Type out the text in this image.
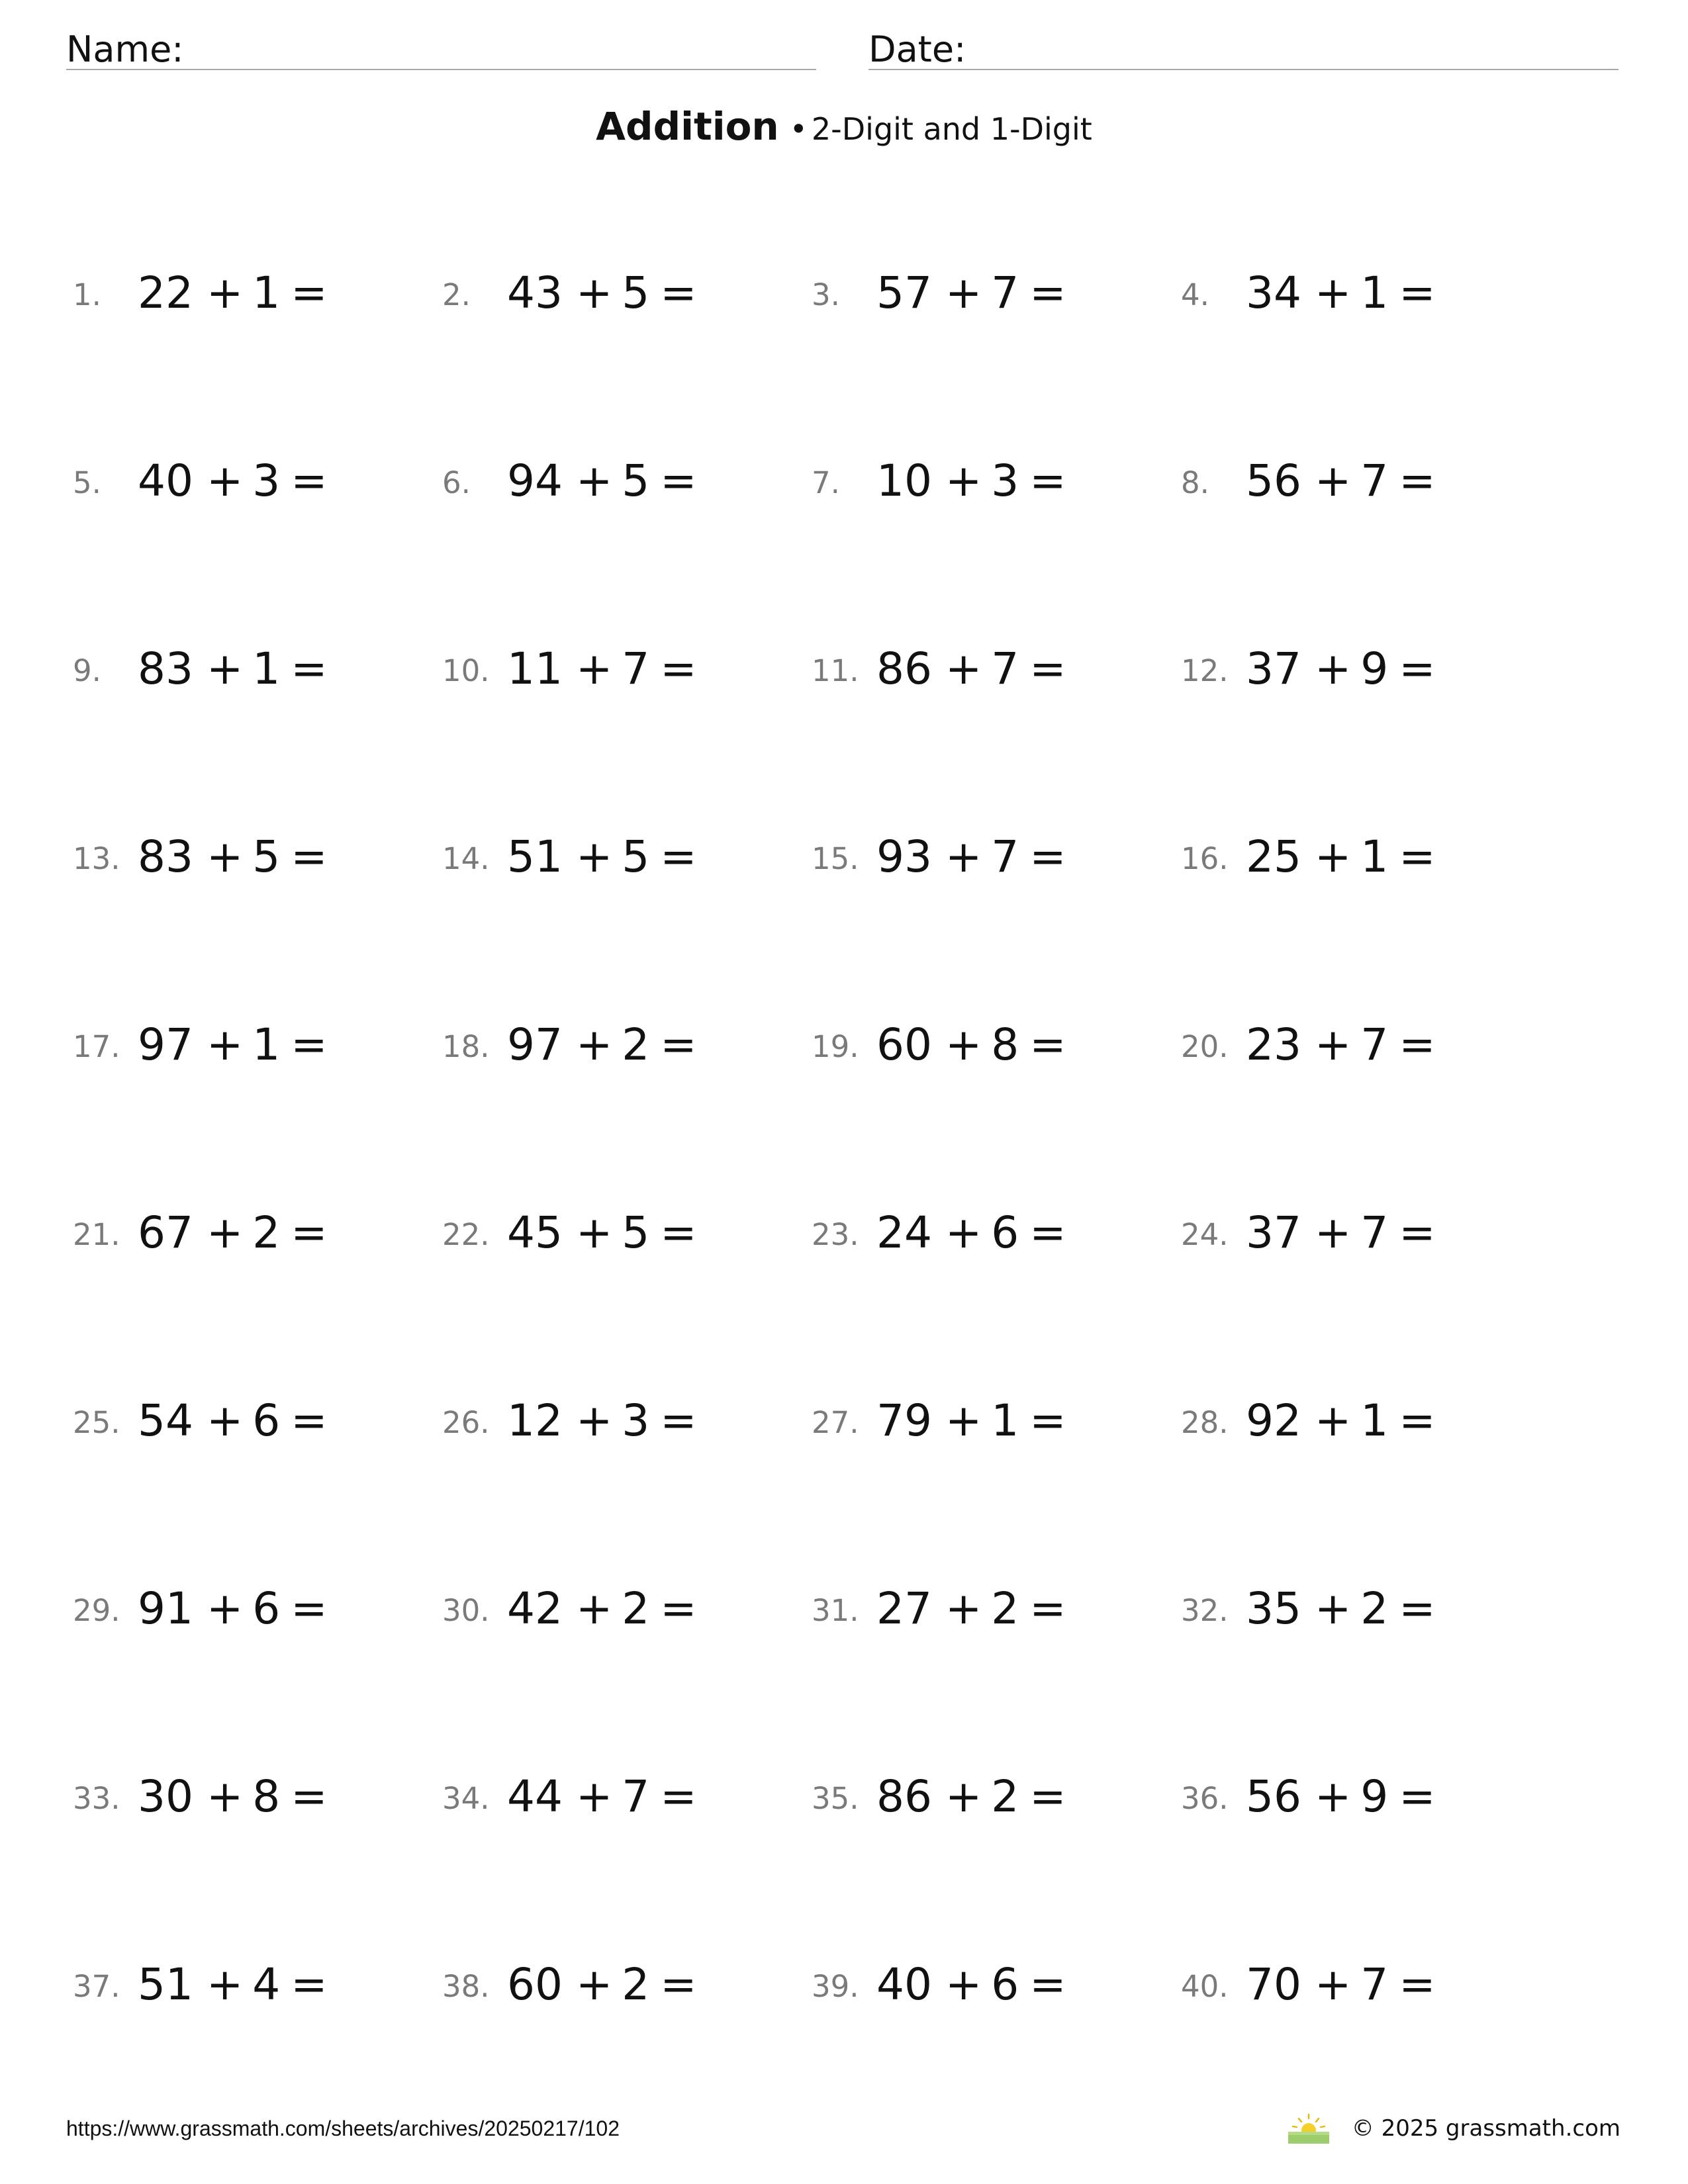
Name:	Date:
Addition • 2-Digit and 1-Digit
1. 22 + 1 =	2. 43 + 5 =	3. 57 + 7 =	4. 34 + 1 =
5. 40 + 3 =	6. 94 + 5 =	7. 10 + 3 =	8. 56 + 7 =
9. 83 + 1 =	10. 11 + 7 =	11. 86 + 7 =	12. 37 + 9 =
13. 83 + 5 =	14. 51 + 5 =	15. 93 + 7 =	16. 25 + 1 =
17. 97 + 1 =	18. 97 + 2 =	19. 60 + 8 =	20. 23 + 7 =
21. 67 + 2 =	22. 45 + 5 =	23. 24 + 6 =	24. 37 + 7 =
25. 54 + 6 =	26. 12 + 3 =	27. 79 + 1 =	28. 92 + 1 =
29. 91 + 6 =	30. 42 + 2 =	31. 27 + 2 =	32. 35 + 2 =
33. 30 + 8 =	34. 44 + 7 =	35. 86 + 2 =	36. 56 + 9 =
37. 51 + 4 =	38. 60 + 2 =	39. 40 + 6 =	40. 70 + 7 =
https://www.grassmath.com/sheets/archives/20250217/102	© 2025 grassmath.com
